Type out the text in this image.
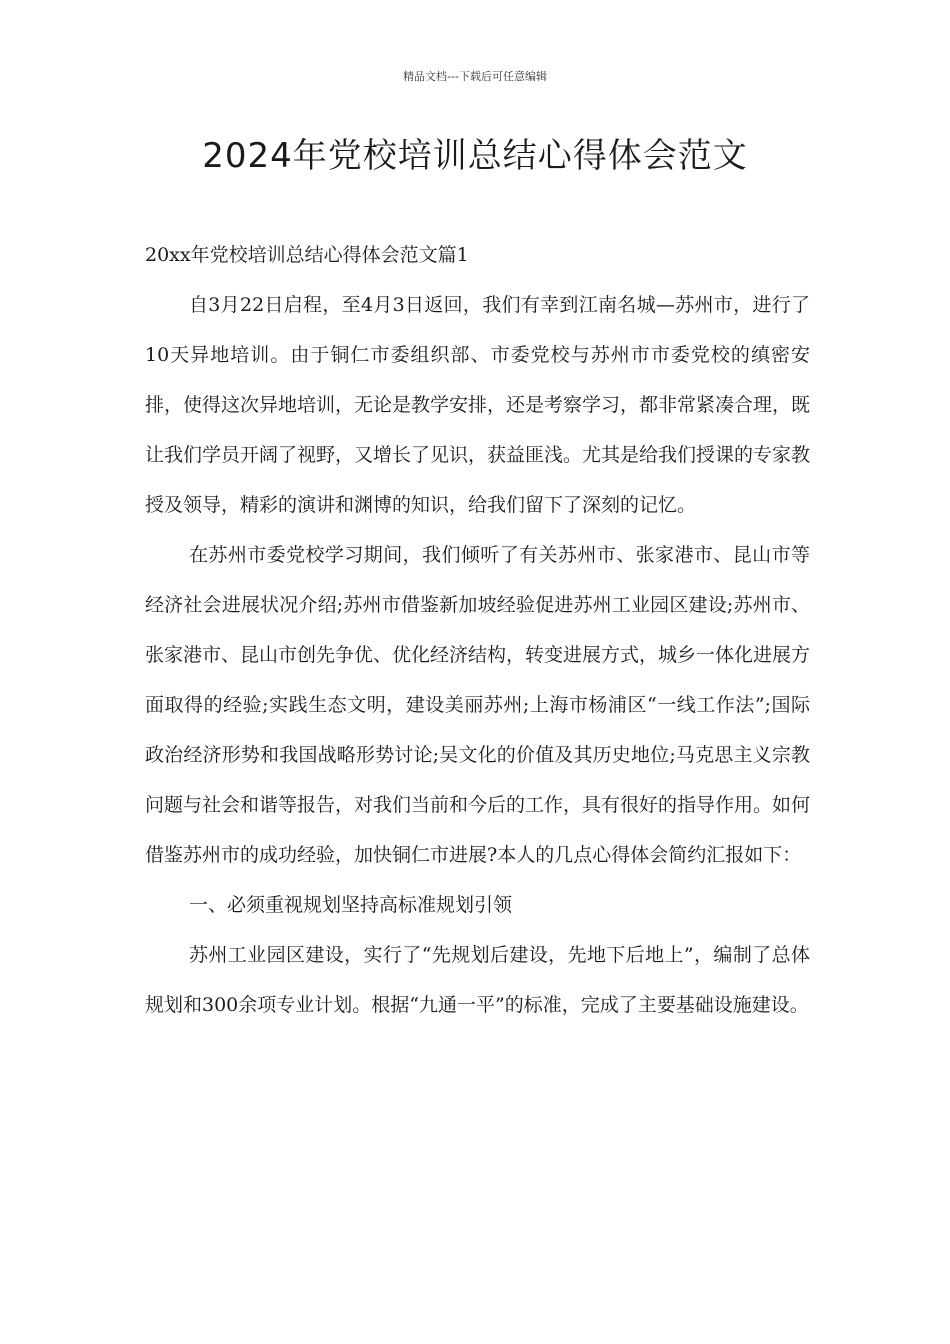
精品文档---下载后可任意编辑
2024年党校培训总结心得体会范文

20xx年党校培训总结心得体会范文篇1

自3月22日启程，至4月3日返回，我们有幸到江南名城—苏州市，进行了10天异地培训。由于铜仁市委组织部、市委党校与苏州市市委党校的缜密安排，使得这次异地培训，无论是教学安排，还是考察学习，都非常紧凑合理，既让我们学员开阔了视野，又增长了见识，获益匪浅。尤其是给我们授课的专家教授及领导，精彩的演讲和渊博的知识，给我们留下了深刻的记忆。

在苏州市委党校学习期间，我们倾听了有关苏州市、张家港市、昆山市等经济社会进展状况介绍;苏州市借鉴新加坡经验促进苏州工业园区建设;苏州市、张家港市、昆山市创先争优、优化经济结构，转变进展方式，城乡一体化进展方面取得的经验;实践生态文明，建设美丽苏州;上海市杨浦区“一线工作法”;国际政治经济形势和我国战略形势讨论;吴文化的价值及其历史地位;马克思主义宗教问题与社会和谐等报告，对我们当前和今后的工作，具有很好的指导作用。如何借鉴苏州市的成功经验，加快铜仁市进展?本人的几点心得体会简约汇报如下：

一、必须重视规划坚持高标准规划引领

苏州工业园区建设，实行了“先规划后建设，先地下后地上”，编制了总体规划和300余项专业计划。根据“九通一平”的标准，完成了主要基础设施建设。
